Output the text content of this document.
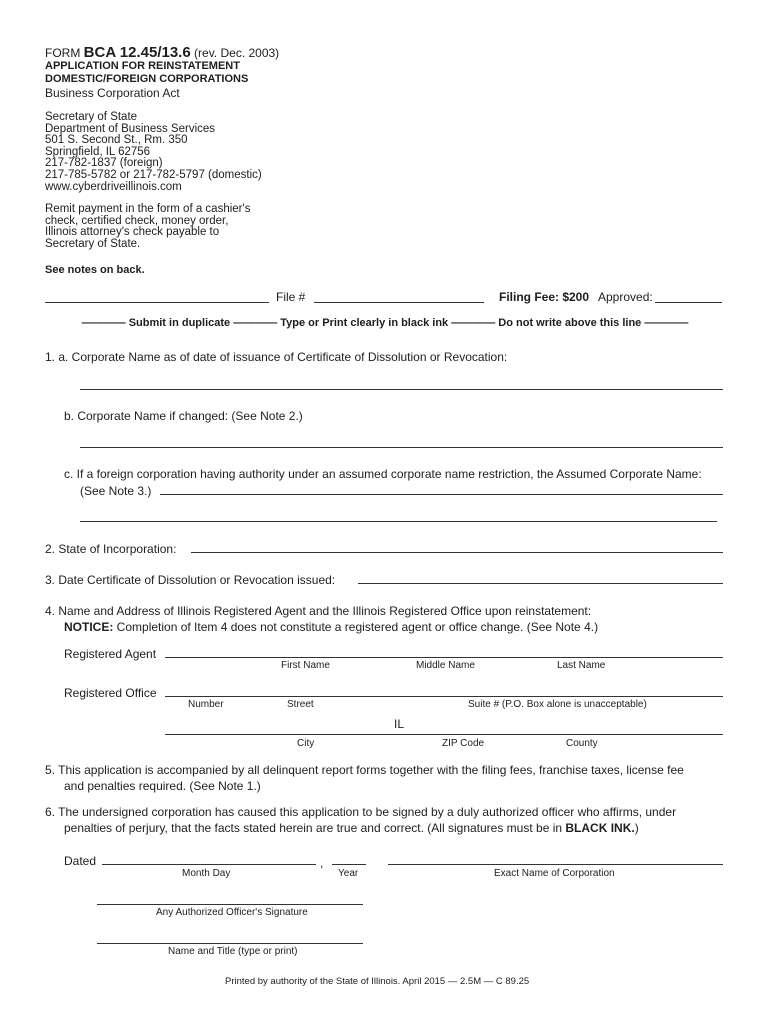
FORM BCA 12.45/13.6 (rev. Dec. 2003)
APPLICATION FOR REINSTATEMENT
DOMESTIC/FOREIGN CORPORATIONS
Business Corporation Act
Secretary of State
Department of Business Services
501 S. Second St., Rm. 350
Springfield, IL 62756
217-782-1837 (foreign)
217-785-5782 or 217-782-5797 (domestic)
www.cyberdriveillinois.com
Remit payment in the form of a cashier's
check, certified check, money order,
Illinois attorney's check payable to
Secretary of State.
See notes on back.
File #	Filing Fee: $200 Approved:
———— Submit in duplicate ———— Type or Print clearly in black ink ———— Do not write above this line ————
1. a. Corporate Name as of date of issuance of Certificate of Dissolution or Revocation:
b. Corporate Name if changed: (See Note 2.)
c. If a foreign corporation having authority under an assumed corporate name restriction, the Assumed Corporate Name:
(See Note 3.)
2. State of Incorporation:
3. Date Certificate of Dissolution or Revocation issued:
4. Name and Address of Illinois Registered Agent and the Illinois Registered Office upon reinstatement:
NOTICE: Completion of Item 4 does not constitute a registered agent or office change. (See Note 4.)
Registered Agent
First Name	Middle Name	Last Name
Registered Office
Number	Street	Suite # (P.O. Box alone is unacceptable)
IL
City	ZIP Code	County
5. This application is accompanied by all delinquent report forms together with the filing fees, franchise taxes, license fee
and penalties required. (See Note 1.)
6. The undersigned corporation has caused this application to be signed by a duly authorized officer who affirms, under
penalties of perjury, that the facts stated herein are true and correct. (All signatures must be in BLACK INK.)
Dated	,
Month Day	Year	Exact Name of Corporation
Any Authorized Officer's Signature
Name and Title (type or print)
Printed by authority of the State of Illinois. April 2015 — 2.5M — C 89.25
